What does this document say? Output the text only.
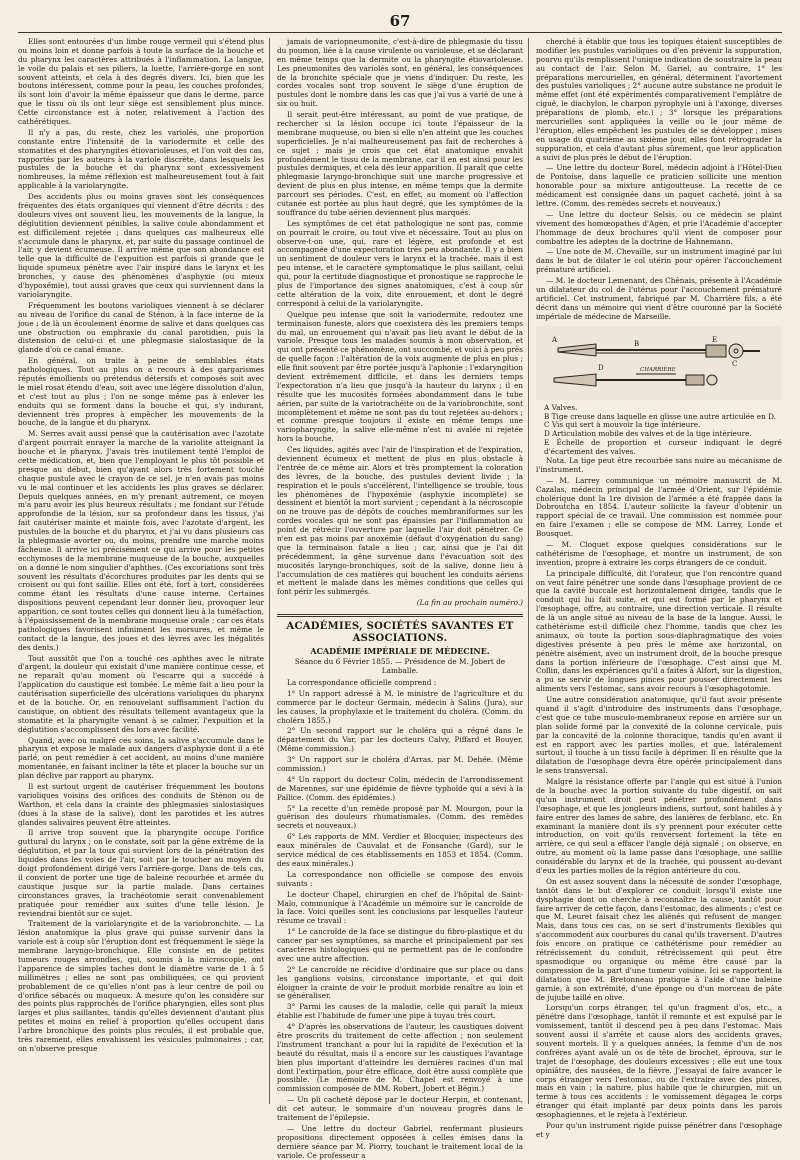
67

Elles sont entourées d'un limbe rouge vermeil qui s'étend plus ou moins loin et donne parfois à toute la surface de la bouche et du pharynx les caractères attribués à l'inflammation. La langue, le voile du palais et ses piliers, la luette, l'arrière-gorge en sont souvent atteints, et cela à des degrés divers. Ici, bien que les boutons intéressent, comme pour la peau, les couches profondes, ils sont loin d'avoir la même épaisseur que dans le derme, parce que le tissu où ils ont leur siège est sensiblement plus mince. Cette circonstance est à noter, relativement à l'action des cathérétiques.

Il n'y a pas, du reste, chez les variolés, une proportion constante entre l'intensité de la variodermite et celle des stomatites et des pharyngites étiovarioleuses, et l'on voit des cas, rapportés par les auteurs à la variole discrète, dans lesquels les pustules de la bouche et du pharynx sont excessivement nombreuses, la même réflexion est malheureusement tout à fait applicable à la variolaryngite.

Des accidents plus ou moins graves sont les conséquences fréquentes des états organiques qui viennent d'être décrits : des douleurs vives ont souvent lieu, les mouvements de la langue, la déglutition deviennent pénibles, la salive coule abondamment et est difficilement rejetée ; dans quelques cas malheureux elle s'accumule dans le pharynx, et, par suite du passage continuel de l'air, y devient écumeuse. Il arrive même que son abondance est telle que la difficulté de l'expuition est parfois si grande que le liquide spumeux pénètre avec l'air inspiré dans le larynx et les bronches, y cause des phénomènes d'asphyxie (ou mieux d'hypoxémie), tout aussi graves que ceux qui surviennent dans la variolaryngite.

Fréquemment les boutons varioliques viennent à se déclarer au niveau de l'orifice du canal de Sténon, à la face interne de la joue ; de là un écoulement énorme de salive et dans quelques cas une obstruction ou emphraxie du canal parotidien, puis la distension de celui-ci et une phlegmasie sialostasique de la glande d'où ce canal émane.

En général, on traite à peine de semblables états pathologiques. Tout au plus on a recours à des gargarismes réputés émollients ou prétendus détersifs et composés soit avec le miel rosat étendu d'eau, soit avec une légère dissolution d'alun, et c'est tout au plus ; l'on ne songe même pas à enlever les enduits qui se forment dans la bouche et qui, s'y indurant, deviennent très propres à empêcher les mouvements de la bouche, de la langue et du pharynx.

M. Serres avait aussi pensé que la cautérisation avec l'azotate d'argent pourrait enrayer la marche de la variolite atteignant la bouche et le pharynx. J'avais très inutilement tenté l'emploi de cette médication, et, bien que l'employant le plus tôt possible et presque au début, bien qu'ayant alors très fortement touché chaque pustule avec le crayon de ce sel, je n'en avais pas moins vu le mal continuer et les accidents les plus graves se déclarer. Depuis quelques années, en m'y prenant autrement, ce moyen m'a paru avoir les plus heureux résultats ; me fondant sur l'étude approfondie de la lésion, sur sa profondeur dans les tissus, j'ai fait cautériser mainte et mainte fois, avec l'azotate d'argent, les pustules de la bouche et du pharynx, et j'ai vu dans plusieurs cas la phlegmasie avorter ou, du moins, prendre une marche moins fâcheuse. Il arrive ici précisément ce qui arrive pour les petites ecchymoses de la membrane muqueuse de la bouche, auxquelles on a donné le nom singulier d'aphthes. (Ces excoriations sont très souvent les résultats d'écorchures produites par les dents qui se croisent ou qui font saillie. Elles ont été, fort à tort, considérées comme étant les résultats d'une cause interne. Certaines dispositions peuvent cependant leur donner lieu, provoquer leur apparition, ce sont toutes celles qui donnent lieu à la tuméfaction, à l'épaississement de la membrane muqueuse orale ; car ces états pathologiques favorisent infiniment les morsures, et même le contact de la langue, des joues et des lèvres avec les inégalités des dents.)

Tout aussitôt que l'on a touché ces aphthes avec le nitrate d'argent, la douleur qui existait d'une manière continue cesse, et ne reparaît qu'au moment où l'escarre qui a succédé à l'application du caustique est tombée. Le même fait a lieu pour la cautérisation superficielle des ulcérations varioliques du pharynx et de la bouche. Or, en renouvelant suffisamment l'action du caustique, on obtient des résultats tellement avantageux que la stomatite et la pharyngite venant à se calmer, l'expuition et la déglutition s'accomplissent dès lors avec facilité.

Quand, avec ou malgré ces soins, la salive s'accumule dans le pharynx et expose le malade aux dangers d'asphyxie dont il a été parlé, on peut remédier à cet accident, au moins d'une manière momentanée, en faisant incliner la tête et placer la bouche sur un plan déclive par rapport au pharynx.

Il est surtout urgent de cautériser fréquemment les boutons varioliques voisins des orifices des conduits de Sténon ou de Warthon, et cela dans la crainte des phlegmasies sialostasiques (dues à la stase de la salive), dont les parotides et les autres glandes salivaires peuvent être atteintes.

Il arrive trop souvent que la pharyngite occupe l'orifice guttural du larynx ; on le constate, soit par la gêne extrême de la déglutition, et par la toux qui survient lors de la pénétration des liquides dans les voies de l'air, soit par le toucher au moyen du doigt profondément dirigé vers l'arrière-gorge. Dans de tels cas, il convient de porter une tige de baleine recourbée et armée du caustique jusque sur la partie malade. Dans certaines circonstances graves, la trachéotomie serait convenablement pratiquée pour remédier aux suites d'une telle lésion. Je reviendrai bientôt sur ce sujet.

Traitement de la variolaryngite et de la variobronchite. — La lésion anatomique la plus grave qui puisse survenir dans la variole est à coup sûr l'éruption dont est fréquemment le siège la membrane laryngo-bronchique. Elle consiste en de petites tumeurs rouges arrondies, qui, soumis à la microscopie, ont l'apparence de simples taches dont le diamètre varie de 1 à 5 millimètres ; elles ne sont pas ombiliquées, ce qui provient probablement de ce qu'elles n'ont pas à leur centre de poil ou d'orifice sébacés ou muqueux. A mesure qu'on les considère sur des points plus rapprochés de l'orifice pharyngien, elles sont plus larges et plus saillantes, tandis qu'elles deviennent d'autant plus petites et moins en relief à proportion qu'elles occupent dans l'arbre bronchique des points plus reculés, il est probable que, très rarement, elles envahissent les vésicules pulmonaires ; car, on n'observe presque

jamais de variopneumonite, c'est-à-dire de phlegmasie du tissu du poumon, liée à la cause virulente ou varioleuse, et se déclarant en même temps que la dermite ou la pharyngite étiovarioleuse. Les pneumonites des variolés sont, en général, les conséquences de la bronchite spéciale que je viens d'indiquer. Du reste, les cordes vocales sont trop souvent le siège d'une éruption de pustules dont le nombre dans les cas que j'ai vus a varié de une à six ou huit.

Il serait peut-être intéressant, au point de vue pratique, de rechercher si la lésion occupe ici toute l'épaisseur de la membrane muqueuse, ou bien si elle n'en atteint que les couches superficielles. Je n'ai malheureusement pas fait de recherches à ce sujet ; mais je crois que cet état anatomique envahit profondément le tissu de la membrane, car il en est ainsi pour les pustules dermiques, et cela dès leur apparition. Il paraît que cette phlegmasie laryngo-bronchique suit une marche progressive et devient de plus en plus intense, en même temps que la dermite parcourt ses périodes. C'est, en effet, au moment où l'affection cutanée est portée au plus haut degré, que les symptômes de la souffrance du tube aérien deviennent plus marqués.

Les symptômes de cet état pathologique ne sont pas, comme on pourrait le croire, ou tout vive et nécessaire. Tout au plus on observe-t-on une, qui, rare et légère, est profonde et est accompagnée d'une expectoration très peu abondante. Il y a bien un sentiment de douleur vers le larynx et la trachée, mais il est peu intense, et le caractère symptomatique le plus saillant, celui qui, pour la certitude diagnostique et pronostique se rapproche le plus de l'importance des signes anatomiques, c'est à coup sûr cette altération de la voix, dite enrouement, et dont le degré correspond à celui de la variolaryngite.

Quelque peu intense que soit la variodermite, redoutez une terminaison funeste, alors que coexistera dès les premiers temps du mal, un enrouement qui n'avait pas lieu avant le début de la variole. Presque tous les malades soumis à mon observation, et qui ont présenté ce phénomène, ont succombé, et voici à peu près de quelle façon : l'altération de la voix augmente de plus en plus ; elle finit souvent par être portée jusqu'à l'aphonie ; l'exlaryngition devient extrêmement difficile, et dans les derniers temps l'expectoration n'a lieu que jusqu'à la hauteur du larynx ; il en résulte que les mucosités formées abondamment dans le tube aérien, par suite de la variotrachéite ou de la variobronchite, sont incomplètement et même ne sont pas du tout rejetées au-dehors ; et comme presque toujours il existe en même temps une variopharyngite, la salive elle-même n'est ni avalée ni rejetée hors la bouche.

Ces liquides, agités avec l'air de l'inspiration et de l'expiration, deviennent écumeux et mettent de plus en plus obstacle à l'entrée de ce même air. Alors et très promptement la coloration des lèvres, de la bouche, des pustules devient livide ; la respiration et le pouls s'accélèrent, l'intelligence se trouble, tous les phénomènes de l'hypoxémie (asphyxie incomplète) se dessinent et bientôt la mort survient ; cependant à la nécroscopie on ne trouve pas de dépôts de couches membraniformes sur les cordes vocales qui ne sont pas épaissies par l'inflammation au point de rétrécir l'ouverture par laquelle l'air doit pénétrer. Ce n'en est pas moins par anoxémie (défaut d'oxygénation du sang) que la terminaison fatale a lieu ; car, ainsi que je l'ai dit précédemment, la gêne survenue dans l'évacuation soit des mucosités laryngo-bronchiques, soit de la salive, donne lieu à l'accumulation de ces matières qui bouchent les conduits aériens et mettent le malade dans les mêmes conditions que celles qui font périr les submergés.

(La fin au prochain numéro.)
ACADÉMIES, SOCIÉTÉS SAVANTES ET ASSOCIATIONS.
ACADÉMIE IMPÉRIALE DE MÉDECINE.
Séance du 6 Février 1855. — Présidence de M. Jobert de Lamballe.

La correspondance officielle comprend :

1° Un rapport adressé à M. le ministre de l'agriculture et du commerce par le docteur Germain, médecin à Salins (Jura), sur les causes, la prophylaxie et le traitement du choléra. (Comm. du choléra 1855.)

2° Un second rapport sur le choléra qui a régné dans le département du Var, par les docteurs Calvy, Piffard et Bouyer. (Même commission.)

3° Un rapport sur le choléra d'Arras, par M. Dehée. (Même commission.)

4° Un rapport du docteur Colin, médecin de l'arrondissement de Marennes, sur une épidémie de fièvre typhoïde qui a sévi à la Pallice. (Comm. des épidémies.)

5° La recette d'un remède proposé par M. Mourgon, pour la guérison des douleurs rhumatismales. (Comm. des remèdes secrets et nouveaux.)

6° Les rapports de MM. Verdier et Blocquier, inspecteurs des eaux minérales de Cauvalat et de Fonsanche (Gard), sur le service médical de ces établissements en 1853 et 1854. (Comm. des eaux minérales.)

La correspondance non officielle se compose des envois suivants :

Le docteur Chapel, chirurgien en chef de l'hôpital de Saint-Malo, communique à l'Académie un mémoire sur le cancroïde de la face. Voici quelles sont les conclusions par lesquelles l'auteur résume ce travail :

1° Le cancroïde de la face se distingue du fibro-plastique et du cancer par ses symptômes, sa marche et principalement par ses caractères histologiques qui ne permettent pas de le confondre avec une autre affection.

2° Le cancroïde ne récidive d'ordinaire que sur place ou dans les ganglions voisins, circonstance importante, et qui doit éloigner la crainte de voir le produit morbide renaître au loin et se généraliser.

3° Parmi les causes de la maladie, celle qui paraît la mieux établie est l'habitude de fumer une pipe à tuyau très court.

4° D'après les observations de l'auteur, les caustiques doivent être proscrits du traitement de cette affection ; non seulement l'instrument tranchant a pour lui la rapidité de l'exécution et la beauté du résultat, mais il a encore sur les caustiques l'avantage bien plus important d'atteindre les dernières racines d'un mal dont l'extirpation, pour être efficace, doit être aussi complète que possible. (Le mémoire de M. Chapel est renvoyé à une commission composée de MM. Robert, Jobert et Bégin.)

— Un pli cacheté déposé par le docteur Herpin, et contenant, dit cet auteur, le sommaire d'un nouveau progrès dans le traitement de l'épilepsie.

— Une lettre du docteur Gabriel, renfermant plusieurs propositions directement opposées à celles émises dans la dernière séance par M. Piorry, touchant le traitement local de la variole. Ce professeur a

cherché à établir que tous les topiques étaient susceptibles de modifier les pustules varioliques ou d'en prévenir la suppuration, pourvu qu'ils remplissent l'unique indication de soustraire la peau au contact de l'air. Selon M. Gariel, au contraire, 1° les préparations mercurielles, en général, déterminent l'avortement des pustules varioliques ; 2° aucune autre substance ne produit le même effet (ont été expérimentés comparativement l'emplâtre de ciguë, le diachylon, le charpon pyrophyle uni à l'axonge, diverses préparations de plomb, etc.) ; 3° lorsque les préparations mercurielles sont appliquées la veille ou le jour même de l'éruption, elles empêchent les pustules de se développer ; mises en usage du quatrième au sixième jour, elles font rétrograder la suppuration, et cela d'autant plus sûrement, que leur application a suivi de plus près le début de l'éruption.

— Une lettre du docteur Borel, médecin adjoint à l'Hôtel-Dieu de Pontoise, dans laquelle ce praticien sollicite une mention honorable pour sa mixture antigoutteuse. La recette de ce médicament est consignée dans un paquet cacheté, joint à sa lettre. (Comm. des remèdes secrets et nouveaux.)

— Une lettre du docteur Selsis, ou ce médecin se plaint vivement des homœopathes d'Agen, et prie l'Académie d'accepter l'hommage de deux brochures qu'il vient de composer pour combattre les adeptes de la doctrine de Hahnemann.

— Une note de M. Chevaille, sur un instrument imaginé par lui dans le but de dilater le col utérin pour opérer l'accouchement prématuré artificiel.

— M. le docteur Lemenant, des Chênais, présente à l'Académie un dilatateur du col de l'utérus pour l'accouchement prématuré artificiel. Cet instrument, fabriqué par M. Charrière fils, a été décrit dans un mémoire qui vient d'être couronné par la Société impériale de médecine de Marseille.

A	B
C
D
E
CHARRIÈRE

A Valves.

B Tige creuse dans laquelle en glisse une autre articulée en D.

C Vis qui sert à mouvoir la tige intérieure.

D Articulation mobile des valves et de la tige intérieure.

E Échelle de proportion et curseur indiquant le degré d'écartement des valves.

Nota. La tige peut être recourbée sans nuire au mécanisme de l'instrument.

— M. Larrey communique un mémoire manuscrit de M. Cazalas, médecin principal de l'armée d'Orient, sur l'épidémie cholérique dont la 1re division de l'armée a été frappée dans la Dobroutcha en 1854. L'auteur sollicite la faveur d'obtenir un rapport spécial de ce travail. Une commission est nommée pour en faire l'examen ; elle se compose de MM. Larrey, Londe et Bousquet.

— M. Cloquet expose quelques considérations sur le cathétérisme de l'œsophage, et montre un instrument, de son invention, propre à extraire les corps étrangers de ce conduit.

La principale difficulté, dit l'orateur, que l'on rencontre quand on veut faire pénétrer une sonde dans l'œsophage provient de ce que la cavité buccale est horizontalement dirigée, tandis que le conduit qui lui fait suite, et qui est formé par le pharynx et l'œsophage, offre, au contraire, une direction verticale. Il résulte de là un angle situé au niveau de la base de la langue. Aussi, le cathétérisme est-il difficile chez l'homme, tandis que chez les animaux, où toute la portion sous-diaphragmatique des voies digestives présente à peu près le même axe horizontal, on pénètre aisément, avec un instrument droit, de la bouche presque dans la portion inférieure de l'œsophage. C'est ainsi que M. Collin, dans les expériences qu'il a faites à Alfort, sur la digestion, a pu se servir de longues pinces pour pousser directement les aliments vers l'estomac, sans avoir recours à l'œsophagotomie.

Une autre considération anatomique, qu'il faut avoir présente quand il s'agit d'introduire des instruments dans l'œsophage, c'est que ce tube musculo-membraneux repose en arrière sur un plan solide formé par la convexité de la colonne cervicale, puis par la concavité de la colonne thoracique, tandis qu'en avant il est en rapport avec les parties molles, et que, latéralement surtout, il touche à un tissu facile à déprimer. Il en résulte que la dilatation de l'œsophage devra être opérée principalement dans le sens transversal.

Malgré la résistance offerte par l'angle qui est situé à l'union de la bouche avec la portion suivante du tube digestif, on sait qu'un instrument droit peut pénétrer profondément dans l'œsophage, et que les jongleurs indiens, surtout, sont habiles à y faire entrer des lames de sabre, des lanières de ferblanc, etc. En examinant la manière dont ils s'y prennent pour exécuter cette introduction, on voit qu'ils renversent fortement la tête en arrière, ce qui seul a effacer l'angle déjà signalé ; on observe, en outre, au moment où la lame passe dans l'œsophage, une saillie considérable du larynx et de la trachée, qui poussent au-devant d'eux les parties molles de la région antérieure du cou.

On est assez souvent dans la nécessité de sonder l'œsophage, tantôt dans le but d'explorer ce conduit lorsqu'il existe une dysphagie dont on cherche à reconnaître la cause, tantôt pour faire arriver de cette façon, dans l'estomac, des aliments ; c'est ce que M. Leuret faisait chez les aliénés qui refusent de manger. Mais, dans tous ces cas, on se sert d'instruments flexibles qui s'accommodent aux courbures du canal qu'ils traversent. D'autres fois encore on pratique ce cathétérisme pour remédier au rétrécissement du conduit, rétrécissement qui peut être spasmodique ou organique ou même être causé par la compression de la part d'une tumeur voisine. Ici se rapportent la dilatation que M. Bretonneau pratique à l'aide d'une baleine garnie, à son extrémité, d'une éponge ou d'un morceau de pâte de jujube taillé en olive.

Lorsqu'un corps étranger, tel qu'un fragment d'os, etc., a pénétré dans l'œsophage, tantôt il remonte et est expulsé par le vomissement, tantôt il descend peu à peu dans l'estomac. Mais souvent aussi il s'arrête et cause alors des accidents graves, souvent mortels. Il y a quelques années, la femme d'un de nos confrères ayant avalé un os de tête de brochet, éprouva, sur le trajet de l'œsophage, des douleurs excessives ; elle eut une toux opiniâtre, des nausées, de la fièvre. J'essayai de faire avancer le corps étranger vers l'estomac, ou de l'extraire avec des pinces, mais en vain ; la nature, plus habile que le chirurgien, mit un terme à tous ces accidents : le vomissement dégagea le corps étranger qui était implanté par deux points dans les parois œsophagiennes, et le rejeta à l'extérieur.

Pour qu'un instrument rigide puisse pénétrer dans l'œsophage et y
